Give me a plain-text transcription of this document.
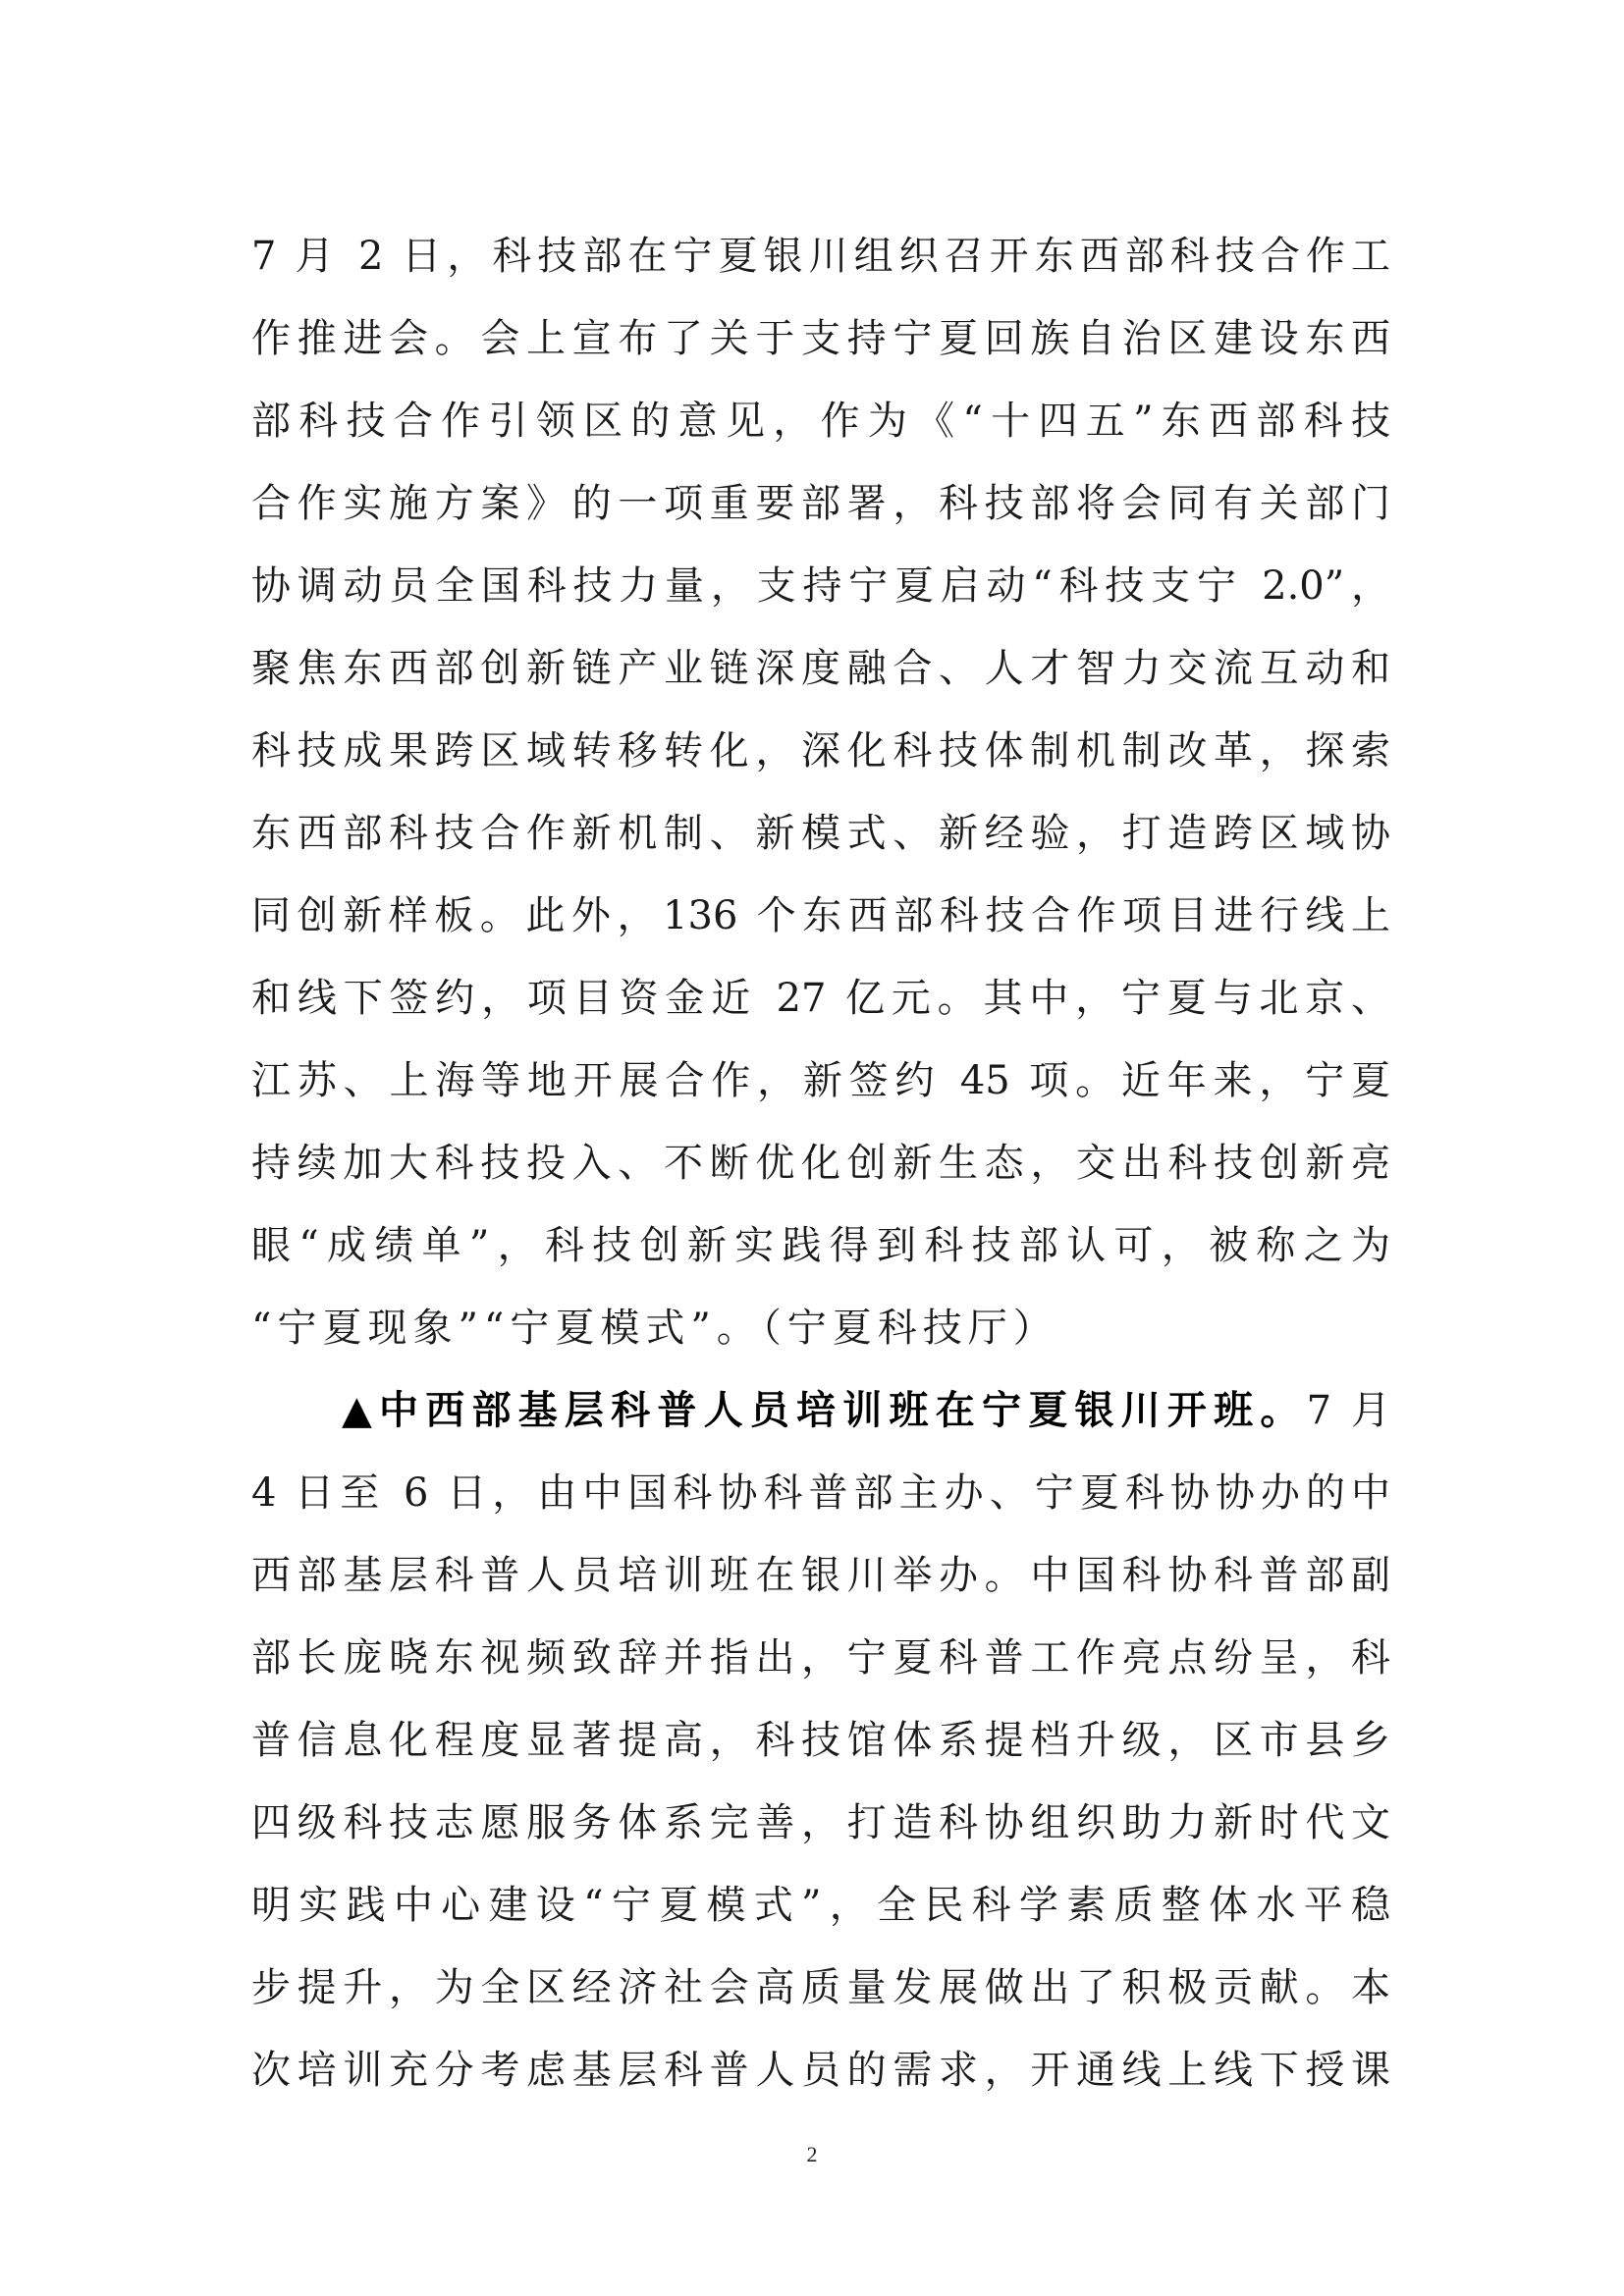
7 月 2 日，科技部在宁夏银川组织召开东西部科技合作工
作推进会。会上宣布了关于支持宁夏回族自治区建设东西
部科技合作引领区的意见，作为《“十四五”东西部科技
合作实施方案》的一项重要部署，科技部将会同有关部门
协调动员全国科技力量，支持宁夏启动“科技支宁 2.0”，
聚焦东西部创新链产业链深度融合、人才智力交流互动和
科技成果跨区域转移转化，深化科技体制机制改革，探索
东西部科技合作新机制、新模式、新经验，打造跨区域协
同创新样板。此外，136 个东西部科技合作项目进行线上
和线下签约，项目资金近 27 亿元。其中，宁夏与北京、
江苏、上海等地开展合作，新签约 45 项。近年来，宁夏
持续加大科技投入、不断优化创新生态，交出科技创新亮
眼“成绩单”，科技创新实践得到科技部认可，被称之为
“宁夏现象”“宁夏模式”。（宁夏科技厅）
▲中西部基层科普人员培训班在宁夏银川开班。7 月
4 日至 6 日，由中国科协科普部主办、宁夏科协协办的中
西部基层科普人员培训班在银川举办。中国科协科普部副
部长庞晓东视频致辞并指出，宁夏科普工作亮点纷呈，科
普信息化程度显著提高，科技馆体系提档升级，区市县乡
四级科技志愿服务体系完善，打造科协组织助力新时代文
明实践中心建设“宁夏模式”，全民科学素质整体水平稳
步提升，为全区经济社会高质量发展做出了积极贡献。本
次培训充分考虑基层科普人员的需求，开通线上线下授课
2
